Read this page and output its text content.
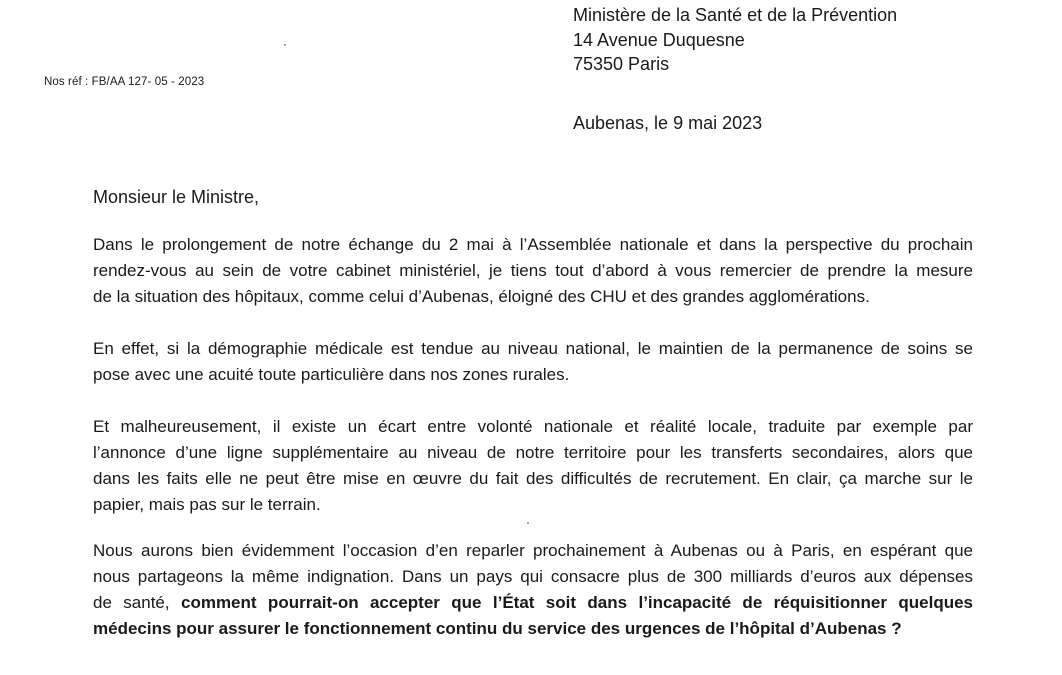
Ministère de la Santé et de la Prévention
14 Avenue Duquesne
75350 Paris
Nos réf : FB/AA 127- 05 - 2023
Aubenas, le 9 mai 2023
Monsieur le Ministre,
Dans le prolongement de notre échange du 2 mai à l’Assemblée nationale et dans la perspective du prochain
rendez-vous au sein de votre cabinet ministériel, je tiens tout d’abord à vous remercier de prendre la mesure
de la situation des hôpitaux, comme celui d’Aubenas, éloigné des CHU et des grandes agglomérations.
En effet, si la démographie médicale est tendue au niveau national, le maintien de la permanence de soins se
pose avec une acuité toute particulière dans nos zones rurales.
Et malheureusement, il existe un écart entre volonté nationale et réalité locale, traduite par exemple par
l’annonce d’une ligne supplémentaire au niveau de notre territoire pour les transferts secondaires, alors que
dans les faits elle ne peut être mise en œuvre du fait des difficultés de recrutement. En clair, ça marche sur le
papier, mais pas sur le terrain.
Nous aurons bien évidemment l’occasion d’en reparler prochainement à Aubenas ou à Paris, en espérant que
nous partageons la même indignation. Dans un pays qui consacre plus de 300 milliards d’euros aux dépenses
de santé, comment pourrait-on accepter que l’État soit dans l’incapacité de réquisitionner quelques
médecins pour assurer le fonctionnement continu du service des urgences de l’hôpital d’Aubenas ?
